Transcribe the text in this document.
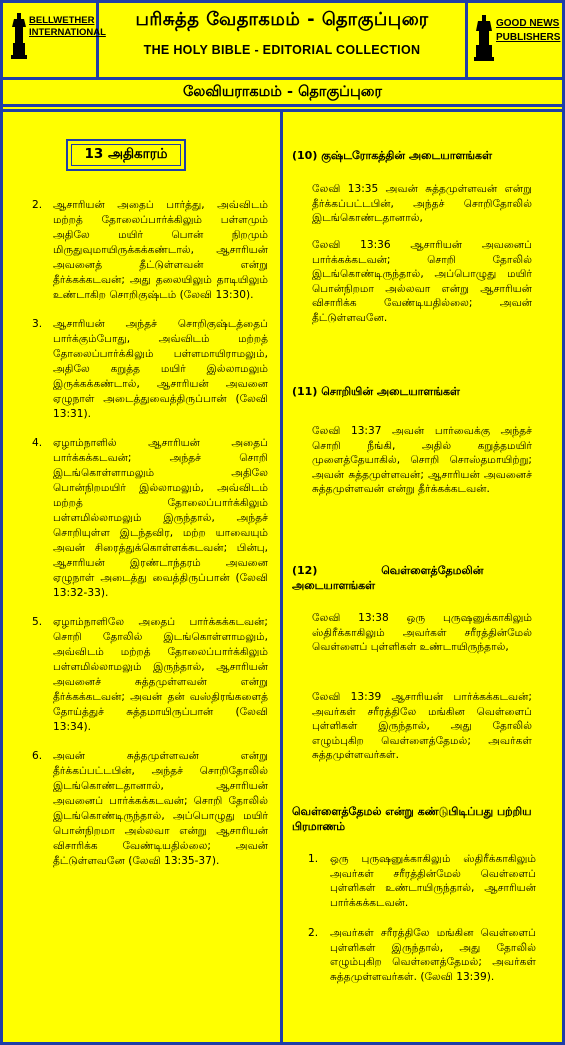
BELLWETHER INTERNATIONAL
பரிசுத்த வேதாகமம் - தொகுப்புரை
THE HOLY BIBLE - EDITORIAL COLLECTION
GOOD NEWS PUBLISHERS
லேவியராகமம் - தொகுப்புரை
13 அதிகாரம்
2. ஆசாரியன் அதைப் பார்த்து, அவ்விடம் மற்றத் தோலைப்பார்க்கிலும் பள்ளமும் அதிலே மயிர் பொன் நிறமும் மிருதுவுமாயிருக்கக்கண்டால், ஆசாரியன் அவனைத் தீட்டுள்ளவன் என்று தீர்க்கக்கடவன்; அது தலையிலும் தாடியிலும் உண்டாகிற சொறிகுஷ்டம் (லேவி 13:30).
3. ஆசாரியன் அந்தச் சொறிகுஷ்டத்தைப் பார்க்கும்போது, அவ்விடம் மற்றத் தோலைப்பார்க்கிலும் பள்ளமாயிராமலும், அதிலே கறுத்த மயிர் இல்லாமலும் இருக்கக்கண்டால், ஆசாரியன் அவனை ஏழுநாள் அடைத்துவைத்திருப்பான் (லேவி 13:31).
4. ஏழாம்நாளில் ஆசாரியன் அதைப் பார்க்கக்கடவன்; அந்தச் சொறி இடங்கொள்ளாமலும் அதிலே பொன்நிறமயிர் இல்லாமலும், அவ்விடம் மற்றத் தோலைப்பார்க்கிலும் பள்ளமில்லாமலும் இருந்தால், அந்தச் சொறியுள்ள இடந்தவிர, மற்ற யாவையும் அவன் சிரைத்துக்கொள்ளக்கடவன்; பின்பு, ஆசாரியன் இரண்டாந்தரம் அவனை ஏழுநாள் அடைத்து வைத்திருப்பான் (லேவி 13:32-33).
5. ஏழாம்நாளிலே அதைப் பார்க்கக்கடவன்; சொறி தோலில் இடங்கொள்ளாமலும், அவ்விடம் மற்றத் தோலைப்பார்க்கிலும் பள்ளமில்லாமலும் இருந்தால், ஆசாரியன் அவனைச் சுத்தமுள்ளவன் என்று தீர்க்கக்கடவன்; அவன் தன் வஸ்திரங்களைத் தோய்த்துச் சுத்தமாயிருப்பான் (லேவி 13:34).
6. அவன் சுத்தமுள்ளவன் என்று தீர்க்கப்பட்டபின், அந்தச் சொறிதோலில் இடங்கொண்டதானால், ஆசாரியன் அவனைப் பார்க்கக்கடவன்; சொறி தோலில் இடங்கொண்டிருந்தால், அப்பொழுது மயிர் பொன்நிறமா அல்லவா என்று ஆசாரியன் விசாரிக்க வேண்டியதில்லை; அவன் தீட்டுள்ளவனே (லேவி 13:35-37).
(10) குஷ்டரோகத்தின் அடையாளங்கள்
லேவி 13:35 அவன் சுத்தமுள்ளவன் என்று தீர்க்கப்பட்டபின், அந்தச் சொறிதோலில் இடங்கொண்டதானால்,
லேவி 13:36 ஆசாரியன் அவனைப் பார்க்கக்கடவன்; சொறி தோலில் இடங்கொண்டிருந்தால், அப்பொழுது மயிர் பொன்நிறமா அல்லவா என்று ஆசாரியன் விசாரிக்க வேண்டியதில்லை; அவன் தீட்டுள்ளவனே.
(11) சொறியின் அடையாளங்கள்
லேவி 13:37 அவன் பார்வைக்கு அந்தச் சொறி நீங்கி, அதில் கறுத்தமயிர் முளைத்தேயாகில், சொறி சொஸ்தமாயிற்று; அவன் சுத்தமுள்ளவன்; ஆசாரியன் அவனைச் சுத்தமுள்ளவன் என்று தீர்க்கக்கடவன்.
(12) வெள்ளைத்தேமலின் அடையாளங்கள்
லேவி 13:38 ஒரு புருஷனுக்காகிலும் ஸ்திரீக்காகிலும் அவர்கள் சரீரத்தின்மேல் வெள்ளைப் புள்ளிகள் உண்டாயிருந்தால்,
லேவி 13:39 ஆசாரியன் பார்க்கக்கடவன்; அவர்கள் சரீரத்திலே மங்கின வெள்ளைப் புள்ளிகள் இருந்தால், அது தோலில் எழும்புகிற வெள்ளைத்தேமல்; அவர்கள் சுத்தமுள்ளவர்கள்.
வெள்ளைத்தேமல் என்று கண்டுபிடிப்பது பற்றிய பிரமாணம்
1. ஒரு புருஷனுக்காகிலும் ஸ்திரீக்காகிலும் அவர்கள் சரீரத்தின்மேல் வெள்ளைப் புள்ளிகள் உண்டாயிருந்தால், ஆசாரியன் பார்க்கக்கடவன்.
2. அவர்கள் சரீரத்திலே மங்கின வெள்ளைப் புள்ளிகள் இருந்தால், அது தோலில் எழும்புகிற வெள்ளைத்தேமல்; அவர்கள் சுத்தமுள்ளவர்கள். (லேவி 13:39).
